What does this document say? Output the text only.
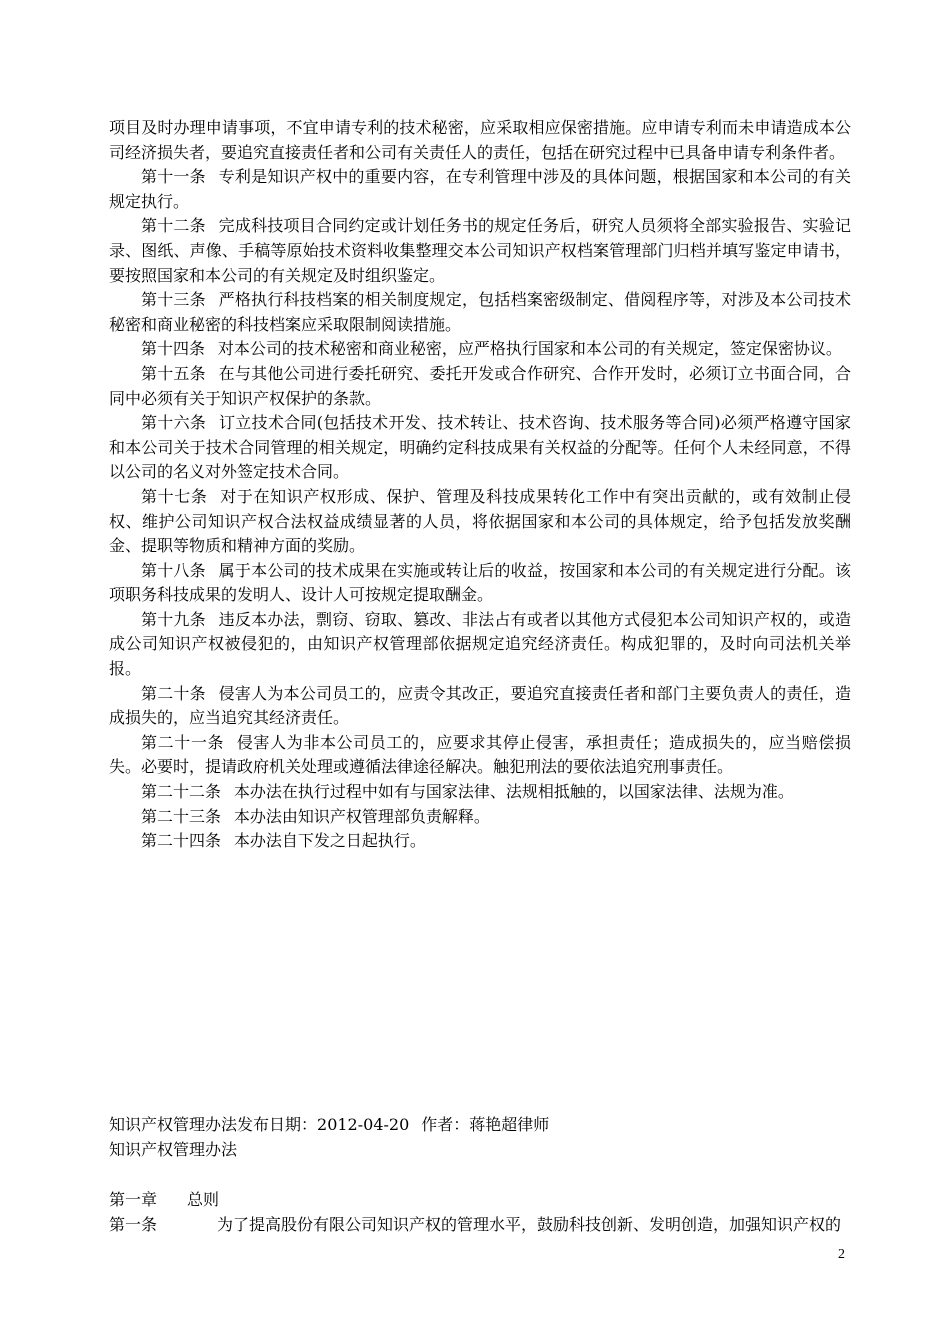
项目及时办理申请事项，不宜申请专利的技术秘密，应采取相应保密措施。应申请专利而未申请造成本公司经济损失者，要追究直接责任者和公司有关责任人的责任，包括在研究过程中已具备申请专利条件者。

第十一条 专利是知识产权中的重要内容，在专利管理中涉及的具体问题，根据国家和本公司的有关规定执行。

第十二条 完成科技项目合同约定或计划任务书的规定任务后，研究人员须将全部实验报告、实验记录、图纸、声像、手稿等原始技术资料收集整理交本公司知识产权档案管理部门归档并填写鉴定申请书，要按照国家和本公司的有关规定及时组织鉴定。

第十三条 严格执行科技档案的相关制度规定，包括档案密级制定、借阅程序等，对涉及本公司技术秘密和商业秘密的科技档案应采取限制阅读措施。

第十四条 对本公司的技术秘密和商业秘密，应严格执行国家和本公司的有关规定，签定保密协议。

第十五条 在与其他公司进行委托研究、委托开发或合作研究、合作开发时，必须订立书面合同，合同中必须有关于知识产权保护的条款。

第十六条 订立技术合同(包括技术开发、技术转让、技术咨询、技术服务等合同)必须严格遵守国家和本公司关于技术合同管理的相关规定，明确约定科技成果有关权益的分配等。任何个人未经同意，不得以公司的名义对外签定技术合同。

第十七条 对于在知识产权形成、保护、管理及科技成果转化工作中有突出贡献的，或有效制止侵权、维护公司知识产权合法权益成绩显著的人员，将依据国家和本公司的具体规定，给予包括发放奖酬金、提职等物质和精神方面的奖励。

第十八条 属于本公司的技术成果在实施或转让后的收益，按国家和本公司的有关规定进行分配。该项职务科技成果的发明人、设计人可按规定提取酬金。

第十九条 违反本办法，剽窃、窃取、篡改、非法占有或者以其他方式侵犯本公司知识产权的，或造成公司知识产权被侵犯的，由知识产权管理部依据规定追究经济责任。构成犯罪的，及时向司法机关举报。

第二十条 侵害人为本公司员工的，应责令其改正，要追究直接责任者和部门主要负责人的责任，造成损失的，应当追究其经济责任。

第二十一条 侵害人为非本公司员工的，应要求其停止侵害，承担责任；造成损失的，应当赔偿损失。必要时，提请政府机关处理或遵循法律途径解决。触犯刑法的要依法追究刑事责任。

第二十二条 本办法在执行过程中如有与国家法律、法规相抵触的，以国家法律、法规为准。

第二十三条 本办法由知识产权管理部负责解释。

第二十四条 本办法自下发之日起执行。

知识产权管理办法发布日期：2012-04-20 作者：蒋艳超律师
知识产权管理办法
第一章 总则
第一条	为了提高股份有限公司知识产权的管理水平，鼓励科技创新、发明创造，加强知识产权的
2
